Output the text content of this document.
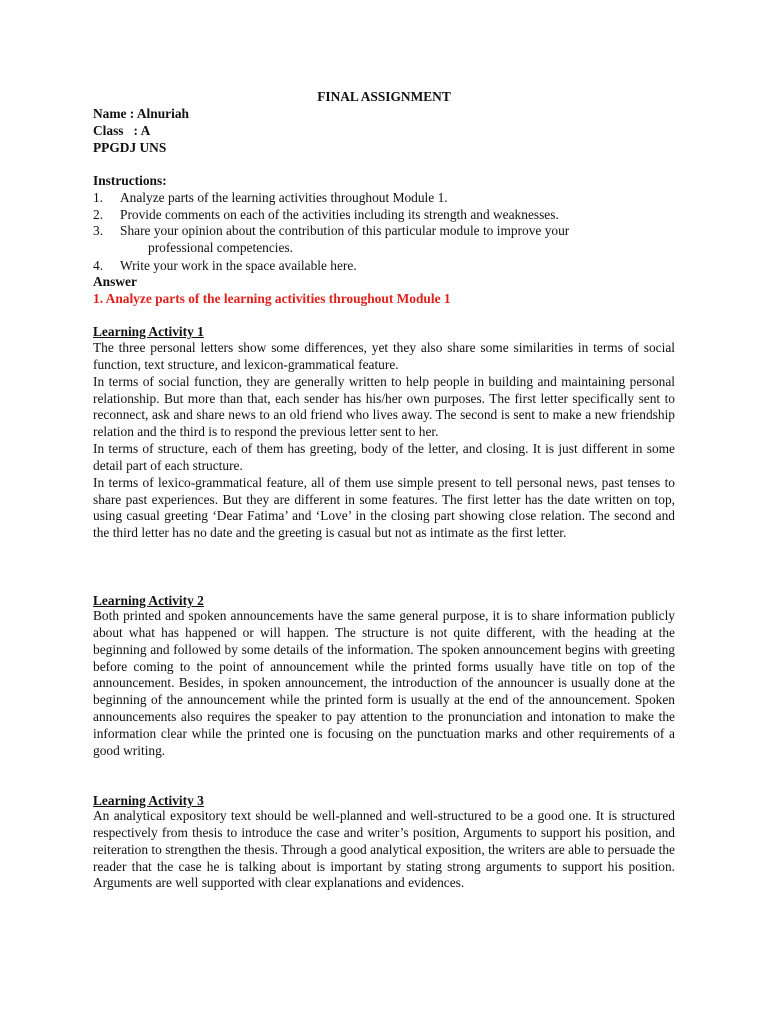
FINAL ASSIGNMENT
Name : Alnuriah
Class   : A
PPGDJ UNS
Instructions:
1. Analyze parts of the learning activities throughout Module 1.
2. Provide comments on each of the activities including its strength and weaknesses.
3. Share your opinion about the contribution of this particular module to improve your
professional competencies.
4. Write your work in the space available here.
Answer
1. Analyze parts of the learning activities throughout Module 1
Learning Activity 1

The three personal letters show some differences, yet they also share some similarities in terms of social function, text structure, and lexicon-grammatical feature.

In terms of social function, they are generally written to help people in building and maintaining personal relationship. But more than that, each sender has his/her own purposes. The first letter specifically sent to reconnect, ask and share news to an old friend who lives away. The second is sent to make a new friendship relation and the third is to respond the previous letter sent to her.

In terms of structure, each of them has greeting, body of the letter, and closing. It is just different in some detail part of each structure.

In terms of lexico-grammatical feature, all of them use simple present to tell personal news, past tenses to share past experiences. But they are different in some features. The first letter has the date written on top, using casual greeting ‘Dear Fatima’ and ‘Love’ in the closing part showing close relation. The second and the third letter has no date and the greeting is casual but not as intimate as the first letter.

Learning Activity 2

Both printed and spoken announcements have the same general purpose, it is to share information publicly about what has happened or will happen. The structure is not quite different, with the heading at the beginning and followed by some details of the information. The spoken announcement begins with greeting before coming to the point of announcement while the printed forms usually have title on top of the announcement. Besides, in spoken announcement, the introduction of the announcer is usually done at the beginning of the announcement while the printed form is usually at the end of the announcement. Spoken announcements also requires the speaker to pay attention to the pronunciation and intonation to make the information clear while the printed one is focusing on the punctuation marks and other requirements of a good writing.

Learning Activity 3

An analytical expository text should be well-planned and well-structured to be a good one. It is structured respectively from thesis to introduce the case and writer’s position, Arguments to support his position, and reiteration to strengthen the thesis. Through a good analytical exposition, the writers are able to persuade the reader that the case he is talking about is important by stating strong arguments to support his position. Arguments are well supported with clear explanations and evidences.
